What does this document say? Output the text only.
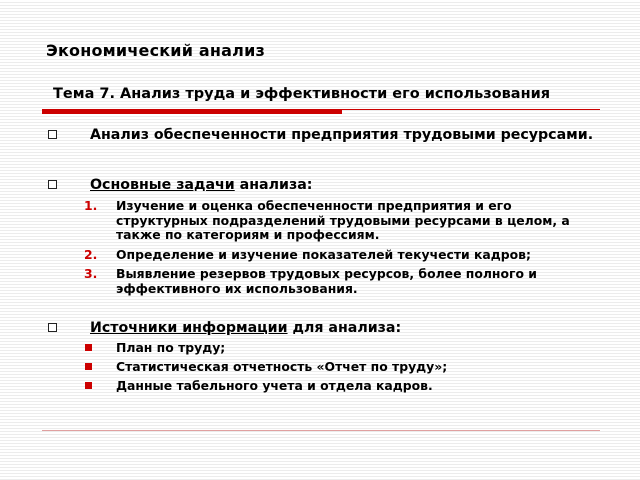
Экономический анализ
Тема 7. Анализ труда и эффективности его использования
Анализ обеспеченности предприятия трудовыми ресурсами.
Основные задачи анализа:
1. Изучение и оценка обеспеченности предприятия и его структурных подразделений трудовыми ресурсами в целом, а также по категориям и профессиям.
2. Определение и изучение показателей текучести кадров;
3. Выявление резервов трудовых ресурсов, более полного и эффективного их использования.
Источники информации для анализа:
План по труду;
Статистическая отчетность «Отчет по труду»;
Данные табельного учета и отдела кадров.
